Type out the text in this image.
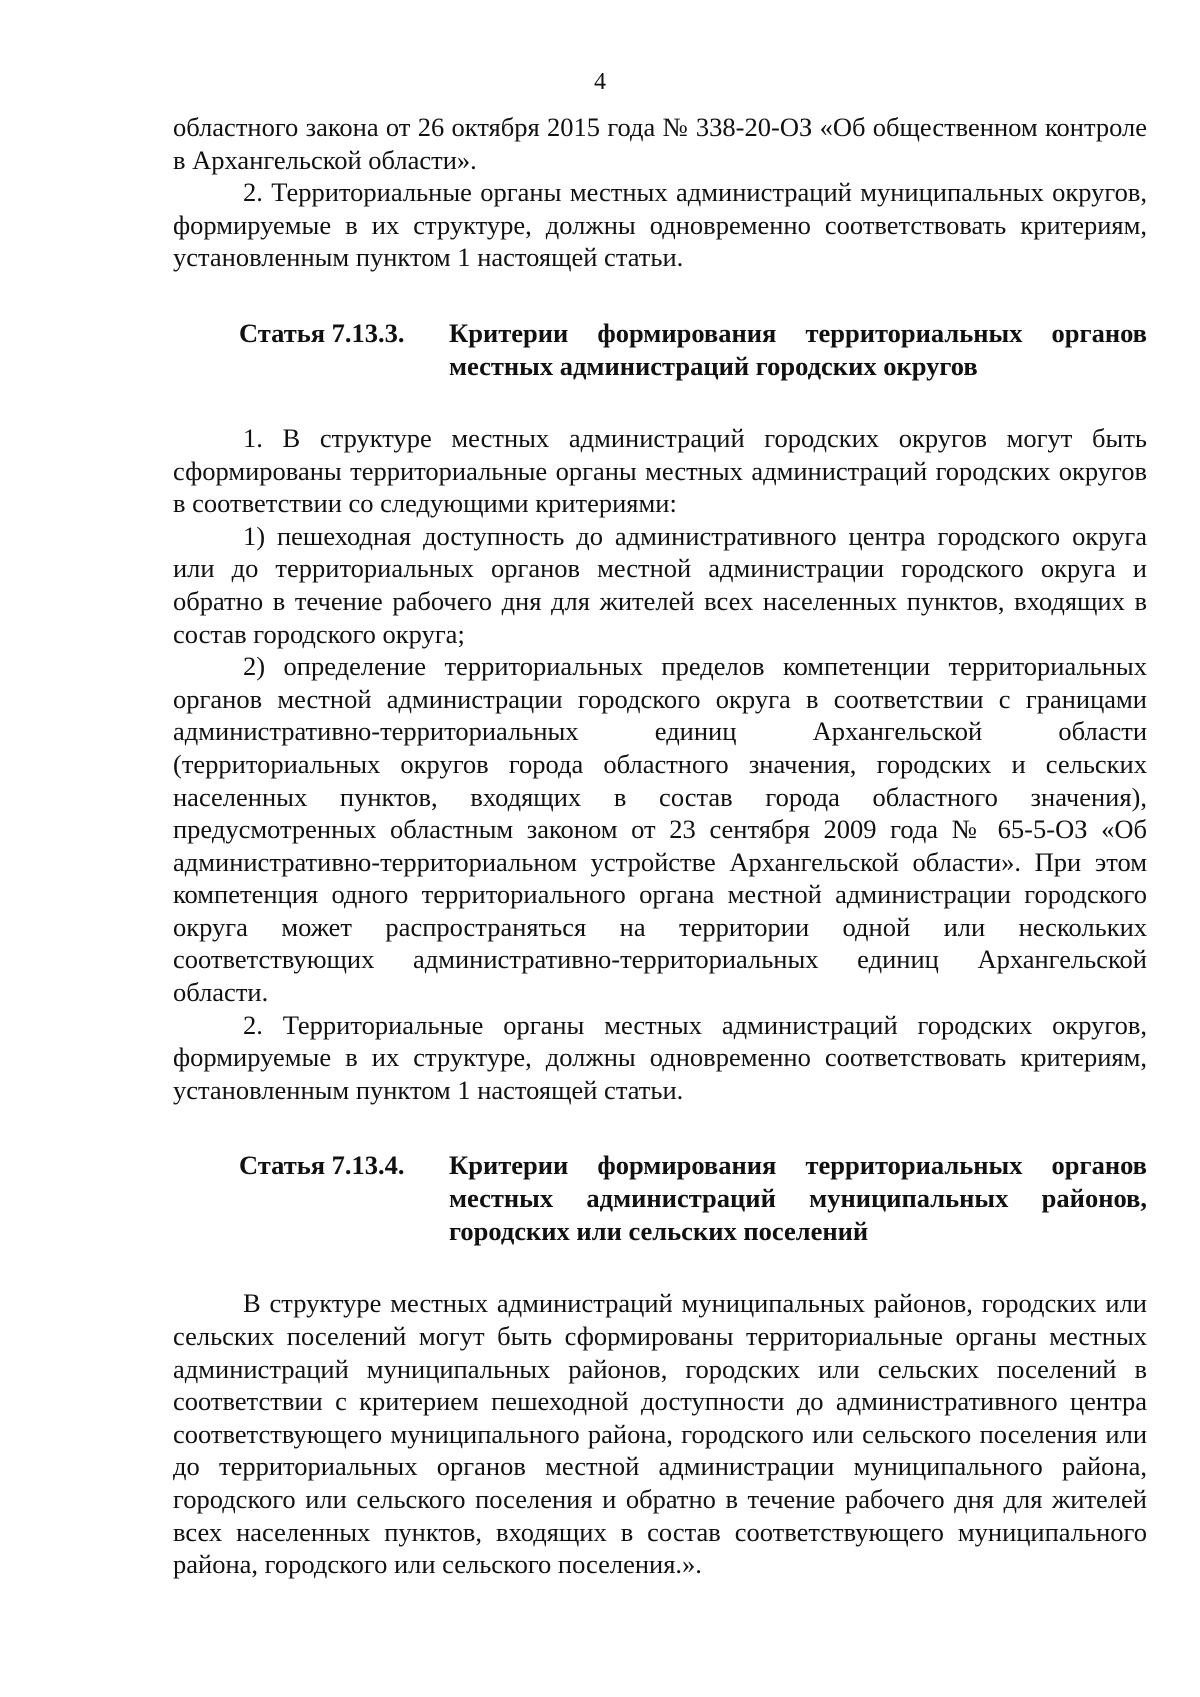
4

областного закона от 26 октября 2015 года № 338-20-ОЗ «Об общественном контроле в Архангельской области».

2. Территориальные органы местных администраций муниципальных округов, формируемые в их структуре, должны одновременно соответствовать критериям, установленным пунктом 1 настоящей статьи.

Статья 7.13.3.	Критерии формирования территориальных органов местных администраций городских округов

1. В структуре местных администраций городских округов могут быть сформированы территориальные органы местных администраций городских округов в соответствии со следующими критериями:

1) пешеходная доступность до административного центра городского округа или до территориальных органов местной администрации городского округа и обратно в течение рабочего дня для жителей всех населенных пунктов, входящих в состав городского округа;

2) определение территориальных пределов компетенции территориальных органов местной администрации городского округа в соответствии с границами административно-территориальных единиц Архангельской области (территориальных округов города областного значения, городских и сельских населенных пунктов, входящих в состав города областного значения), предусмотренных областным законом от 23 сентября 2009 года № 65-5-ОЗ «Об административно-территориальном устройстве Архангельской области». При этом компетенция одного территориального органа местной администрации городского округа может распространяться на территории одной или нескольких соответствующих административно-территориальных единиц Архангельской области.

2. Территориальные органы местных администраций городских округов, формируемые в их структуре, должны одновременно соответствовать критериям, установленным пунктом 1 настоящей статьи.

Статья 7.13.4.	Критерии формирования территориальных органов местных администраций муниципальных районов, городских или сельских поселений

В структуре местных администраций муниципальных районов, городских или сельских поселений могут быть сформированы территориальные органы местных администраций муниципальных районов, городских или сельских поселений в соответствии с критерием пешеходной доступности до административного центра соответствующего муниципального района, городского или сельского поселения или до территориальных органов местной администрации муниципального района, городского или сельского поселения и обратно в течение рабочего дня для жителей всех населенных пунктов, входящих в состав соответствующего муниципального района, городского или сельского поселения.».
